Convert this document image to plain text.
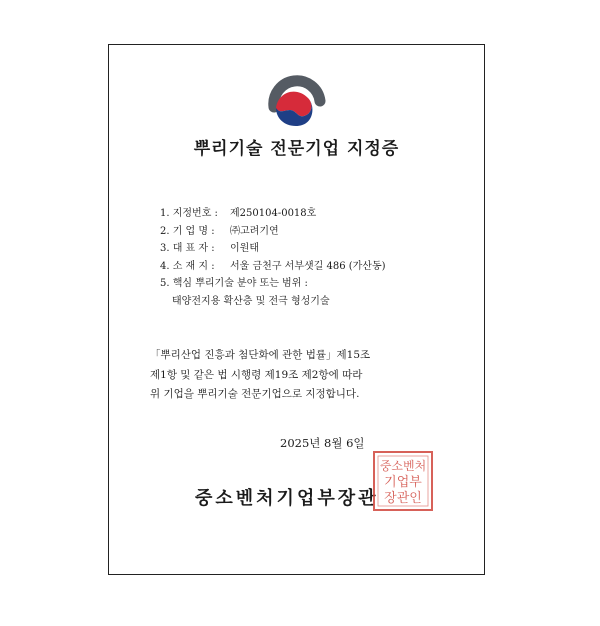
뿌리기술 전문기업 지정증
1. 지정번호 : 제250104-0018호
2. 기 업 명 : ㈜고려기연
3. 대 표 자 : 이원태
4. 소 재 지 : 서울 금천구 서부샛길 486 (가산동)
5. 핵심 뿌리기술 분야 또는 범위 :
태양전지용 확산층 및 전극 형성기술
「뿌리산업 진흥과 첨단화에 관한 법률」제15조
제1항 및 같은 법 시행령 제19조 제2항에 따라
위 기업을 뿌리기술 전문기업으로 지정합니다.
2025년 8월 6일
중소벤처기업부장관
중소벤처
기업부
장관인
